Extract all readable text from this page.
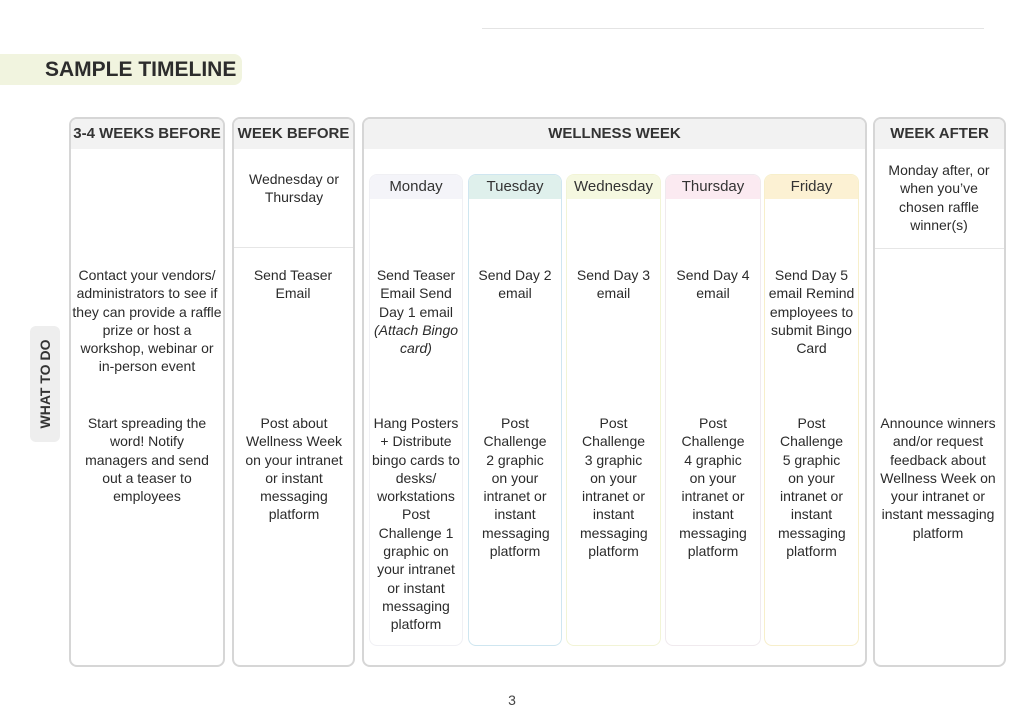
SAMPLE TIMELINE
WHAT TO DO
3-4 WEEKS BEFORE
Contact your vendors/ administrators to see if they can provide a raffle prize or host a workshop, webinar or in-person event
Start spreading the word! Notify managers and send out a teaser to employees
WEEK BEFORE
Wednesday or Thursday
Send Teaser Email
Post about Wellness Week on your intranet or instant messaging platform
WELLNESS WEEK
Monday
Send Teaser Email Send Day 1 email
(Attach Bingo card)
Hang Posters + Distribute bingo cards to desks/ workstations Post Challenge 1 graphic on your intranet or instant messaging platform
Tuesday
Send Day 2 email
Post Challenge 2 graphic on your intranet or instant messaging platform
Wednesday
Send Day 3 email
Post Challenge 3 graphic on your intranet or instant messaging platform
Thursday
Send Day 4 email
Post Challenge 4 graphic on your intranet or instant messaging platform
Friday
Send Day 5 email Remind employees to submit Bingo Card
Post Challenge 5 graphic on your intranet or instant messaging platform
WEEK AFTER
Monday after, or when you’ve chosen raffle winner(s)
Announce winners and/or request feedback about Wellness Week on your intranet or instant messaging platform
3
